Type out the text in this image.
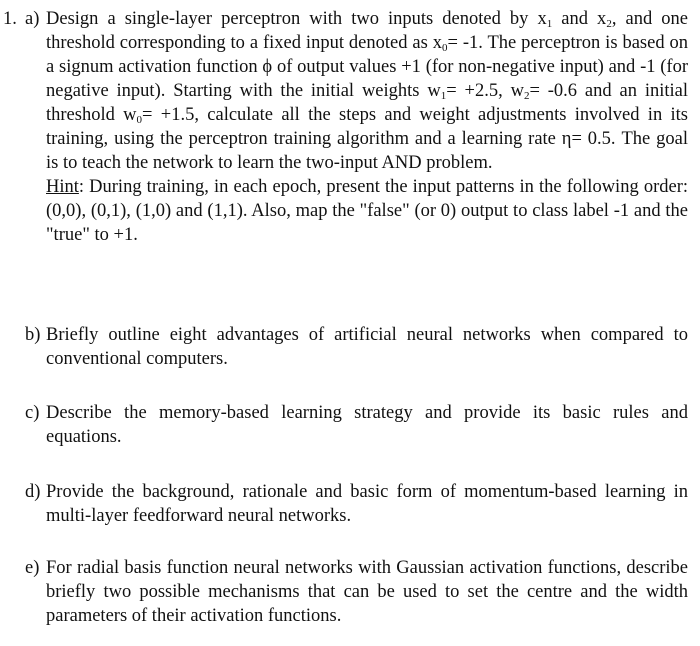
1. a) Design a single-layer perceptron with two inputs denoted by $x_1$ and $x_2$, and one threshold corresponding to a fixed input denoted as $x_0= -1$. The perceptron is based on a signum activation function ϕ of output values +1 (for non-negative input) and -1 (for negative input). Starting with the initial weights $w_1= +2.5$, $w_2= -0.6$ and an initial threshold $w_0= +1.5$, calculate all the steps and weight adjustments involved in its training, using the perceptron training algorithm and a learning rate η= 0.5. The goal is to teach the network to learn the two-input AND problem.

Hint: During training, in each epoch, present the input patterns in the following order: (0,0), (0,1), (1,0) and (1,1). Also, map the "false" (or 0) output to class label -1 and the "true" to +1.

b) Briefly outline eight advantages of artificial neural networks when compared to conventional computers.
c) Describe the memory-based learning strategy and provide its basic rules and equations.
d) Provide the background, rationale and basic form of momentum-based learning in multi-layer feedforward neural networks.
e) For radial basis function neural networks with Gaussian activation functions, describe briefly two possible mechanisms that can be used to set the centre and the width parameters of their activation functions.
